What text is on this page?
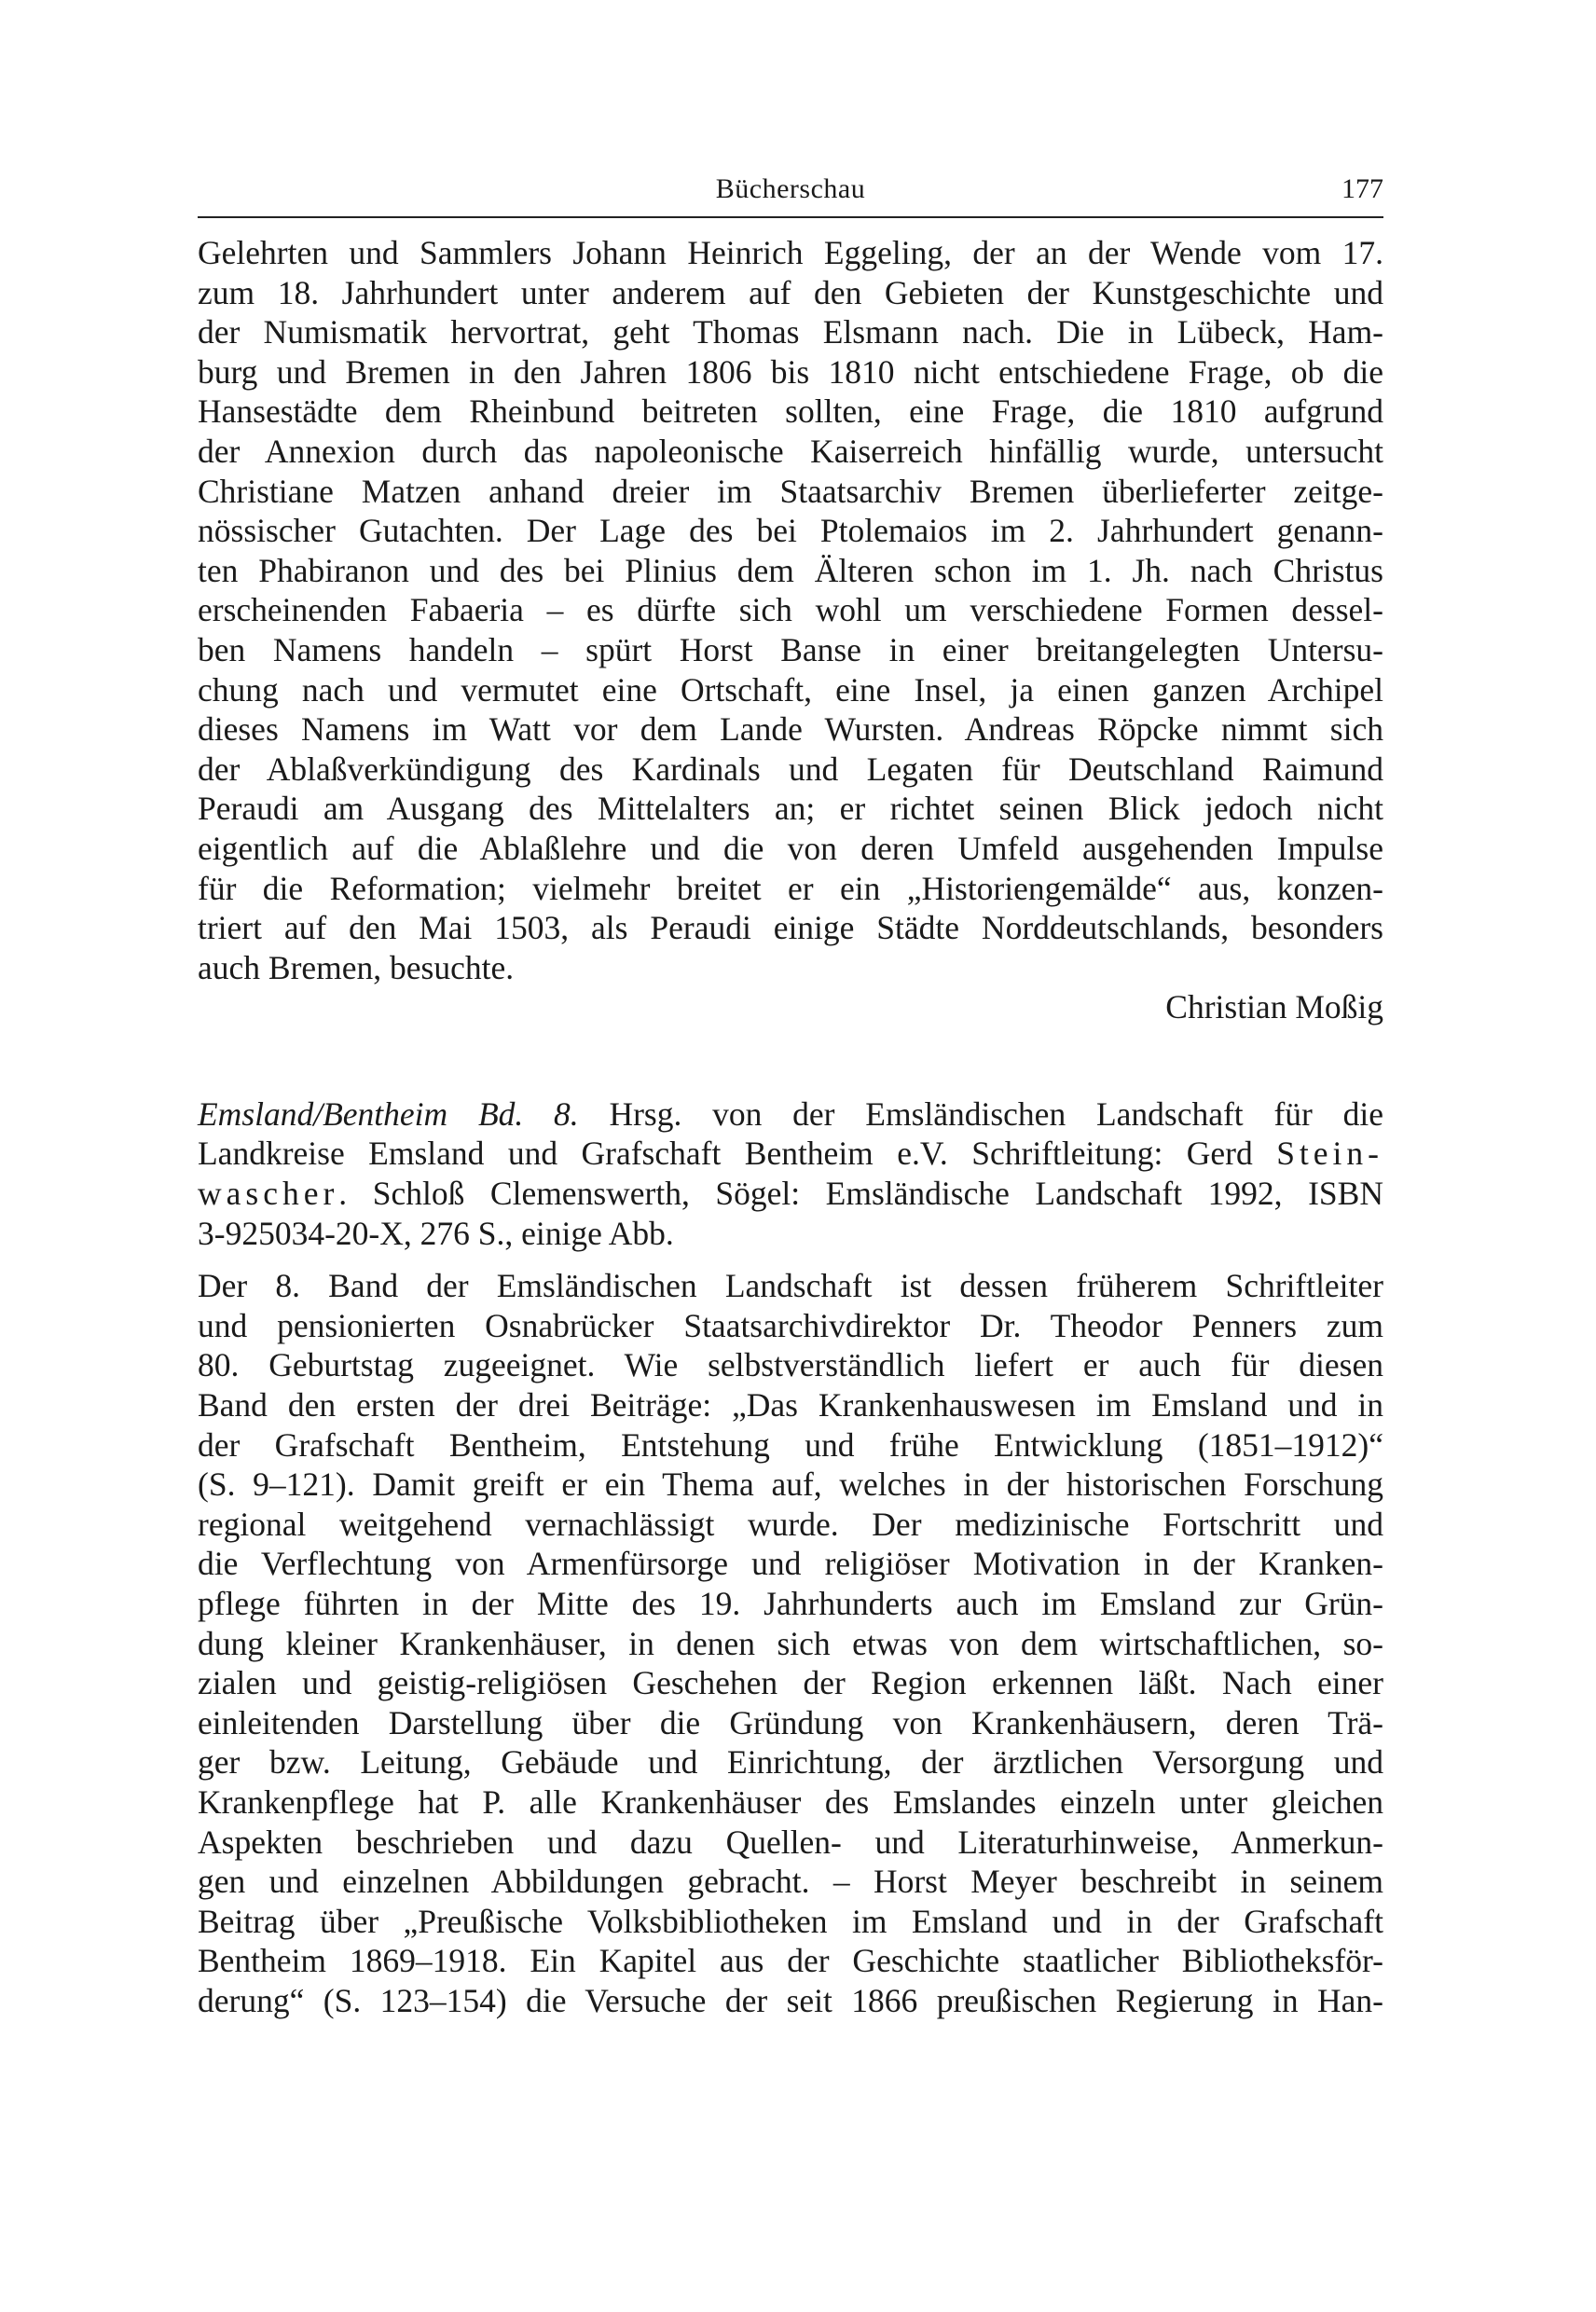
Bücherschau	177
Gelehrten und Sammlers Johann Heinrich Eggeling, der an der Wende vom 17.
zum 18. Jahrhundert unter anderem auf den Gebieten der Kunstgeschichte und
der Numismatik hervortrat, geht Thomas Elsmann nach. Die in Lübeck, Ham-
burg und Bremen in den Jahren 1806 bis 1810 nicht entschiedene Frage, ob die
Hansestädte dem Rheinbund beitreten sollten, eine Frage, die 1810 aufgrund
der Annexion durch das napoleonische Kaiserreich hinfällig wurde, untersucht
Christiane Matzen anhand dreier im Staatsarchiv Bremen überlieferter zeitge-
nössischer Gutachten. Der Lage des bei Ptolemaios im 2. Jahrhundert genann-
ten Phabiranon und des bei Plinius dem Älteren schon im 1. Jh. nach Christus
erscheinenden Fabaeria – es dürfte sich wohl um verschiedene Formen dessel-
ben Namens handeln – spürt Horst Banse in einer breitangelegten Untersu-
chung nach und vermutet eine Ortschaft, eine Insel, ja einen ganzen Archipel
dieses Namens im Watt vor dem Lande Wursten. Andreas Röpcke nimmt sich
der Ablaßverkündigung des Kardinals und Legaten für Deutschland Raimund
Peraudi am Ausgang des Mittelalters an; er richtet seinen Blick jedoch nicht
eigentlich auf die Ablaßlehre und die von deren Umfeld ausgehenden Impulse
für die Reformation; vielmehr breitet er ein „Historiengemälde“ aus, konzen-
triert auf den Mai 1503, als Peraudi einige Städte Norddeutschlands, besonders
auch Bremen, besuchte.
Christian Moßig
Emsland/Bentheim Bd. 8. Hrsg. von der Emsländischen Landschaft für die
Landkreise Emsland und Grafschaft Bentheim e.V. Schriftleitung: Gerd Stein-
wascher. Schloß Clemenswerth, Sögel: Emsländische Landschaft 1992, ISBN
3-925034-20-X, 276 S., einige Abb.
Der 8. Band der Emsländischen Landschaft ist dessen früherem Schriftleiter
und pensionierten Osnabrücker Staatsarchivdirektor Dr. Theodor Penners zum
80. Geburtstag zugeeignet. Wie selbstverständlich liefert er auch für diesen
Band den ersten der drei Beiträge: „Das Krankenhauswesen im Emsland und in
der Grafschaft Bentheim, Entstehung und frühe Entwicklung (1851–1912)“
(S. 9–121). Damit greift er ein Thema auf, welches in der historischen Forschung
regional weitgehend vernachlässigt wurde. Der medizinische Fortschritt und
die Verflechtung von Armenfürsorge und religiöser Motivation in der Kranken-
pflege führten in der Mitte des 19. Jahrhunderts auch im Emsland zur Grün-
dung kleiner Krankenhäuser, in denen sich etwas von dem wirtschaftlichen, so-
zialen und geistig-religiösen Geschehen der Region erkennen läßt. Nach einer
einleitenden Darstellung über die Gründung von Krankenhäusern, deren Trä-
ger bzw. Leitung, Gebäude und Einrichtung, der ärztlichen Versorgung und
Krankenpflege hat P. alle Krankenhäuser des Emslandes einzeln unter gleichen
Aspekten beschrieben und dazu Quellen- und Literaturhinweise, Anmerkun-
gen und einzelnen Abbildungen gebracht. – Horst Meyer beschreibt in seinem
Beitrag über „Preußische Volksbibliotheken im Emsland und in der Grafschaft
Bentheim 1869–1918. Ein Kapitel aus der Geschichte staatlicher Bibliotheksför-
derung“ (S. 123–154) die Versuche der seit 1866 preußischen Regierung in Han-
